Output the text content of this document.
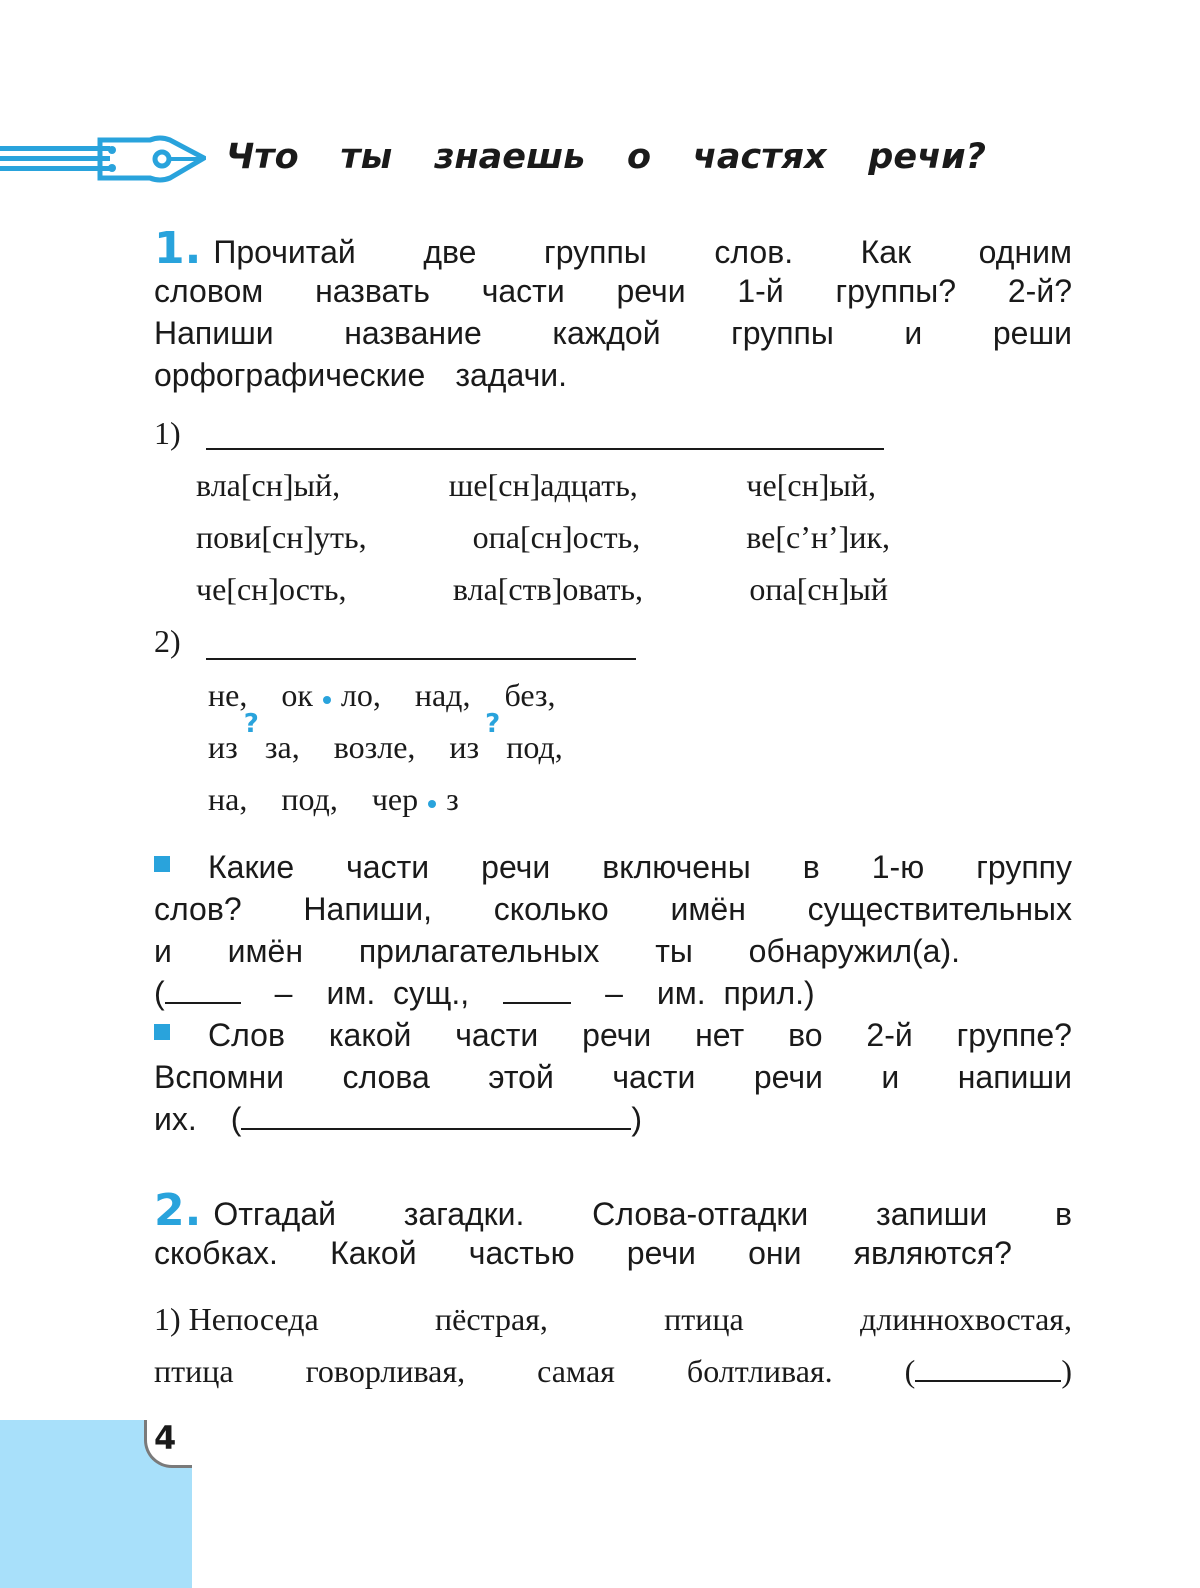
Что ты знаешь о частях речи?
1. Прочитай две группы слов. Как одним
словом назвать части речи 1-й группы? 2-й?
Напиши название каждой группы и реши
орфографические задачи.
1)
вла[сн]ый,	ше[сн]адцать,	че[сн]ый,
пови[сн]уть,	опа[сн]ость,	ве[с’н’]ик,
че[сн]ость,	вла[ств]овать,	опа[сн]ый
2)
не, ок ло, над, без,
из?
за, возле, из?
под,
на, под, чер з
Какие части речи включены в 1-ю группу
слов? Напиши, сколько имён существительных
и имён прилагательных ты обнаружил(а).
(	– им.  сущ.,	– им.  прил.)
Слов какой части речи нет во 2-й группе?
Вспомни слова этой части речи и напиши
их. (	)
2. Отгадай загадки. Слова-отгадки запиши в
скобках. Какой частью речи они являются?
1) Непоседа	пёстрая,	птица	длиннохвостая,
птица говорливая, самая болтливая. (	)
4
